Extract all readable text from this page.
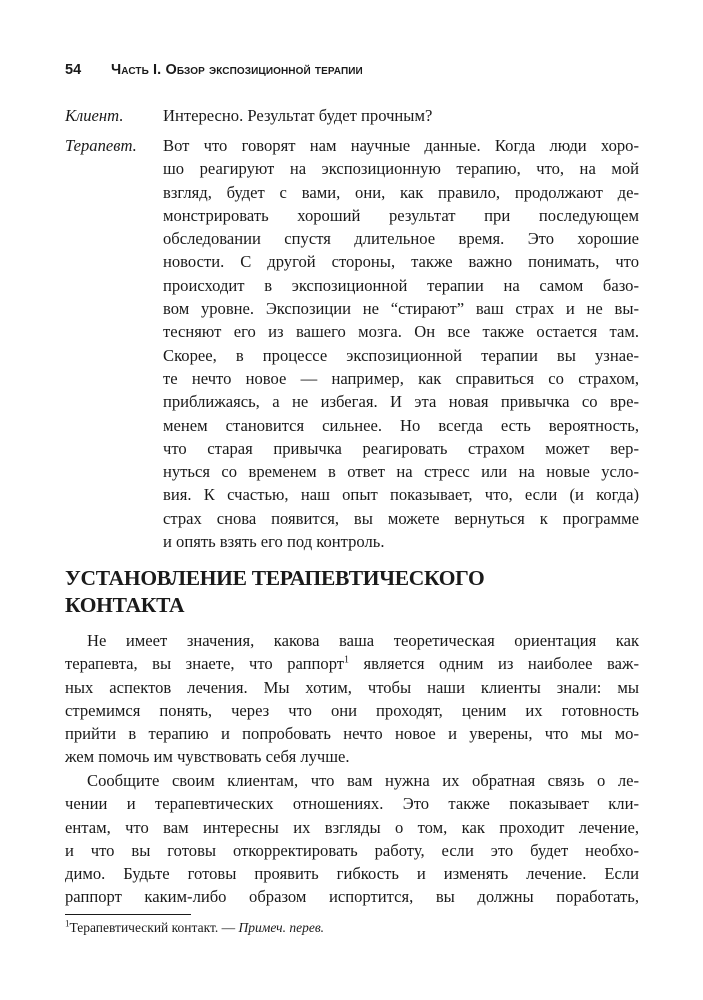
54 Часть I. Обзор экспозиционной терапии
Клиент. Интересно. Результат будет прочным?
Терапевт. Вот что говорят нам научные данные. Когда люди хоро-
шо реагируют на экспозиционную терапию, что, на мой
взгляд, будет с вами, они, как правило, продолжают де-
монстрировать хороший результат при последующем
обследовании спустя длительное время. Это хорошие
новости. С другой стороны, также важно понимать, что
происходит в экспозиционной терапии на самом базо-
вом уровне. Экспозиции не “стирают” ваш страх и не вы-
тесняют его из вашего мозга. Он все также остается там.
Скорее, в процессе экспозиционной терапии вы узнае-
те нечто новое — например, как справиться со страхом,
приближаясь, а не избегая. И эта новая привычка со вре-
менем становится сильнее. Но всегда есть вероятность,
что старая привычка реагировать страхом может вер-
нуться со временем в ответ на стресс или на новые усло-
вия. К счастью, наш опыт показывает, что, если (и когда)
страх снова появится, вы можете вернуться к программе
и опять взять его под контроль.
УСТАНОВЛЕНИЕ ТЕРАПЕВТИЧЕСКОГО
КОНТАКТА
Не имеет значения, какова ваша теоретическая ориентация как
терапевта, вы знаете, что раппорт$^1$ является одним из наиболее важ-
ных аспектов лечения. Мы хотим, чтобы наши клиенты знали: мы
стремимся понять, через что они проходят, ценим их готовность
прийти в терапию и попробовать нечто новое и уверены, что мы мо-
жем помочь им чувствовать себя лучше.
Сообщите своим клиентам, что вам нужна их обратная связь о ле-
чении и терапевтических отношениях. Это также показывает кли-
ентам, что вам интересны их взгляды о том, как проходит лечение,
и что вы готовы откорректировать работу, если это будет необхо-
димо. Будьте готовы проявить гибкость и изменять лечение. Если
раппорт каким-либо образом испортится, вы должны поработать,
$^1$Терапевтический контакт. — Примеч. перев.
